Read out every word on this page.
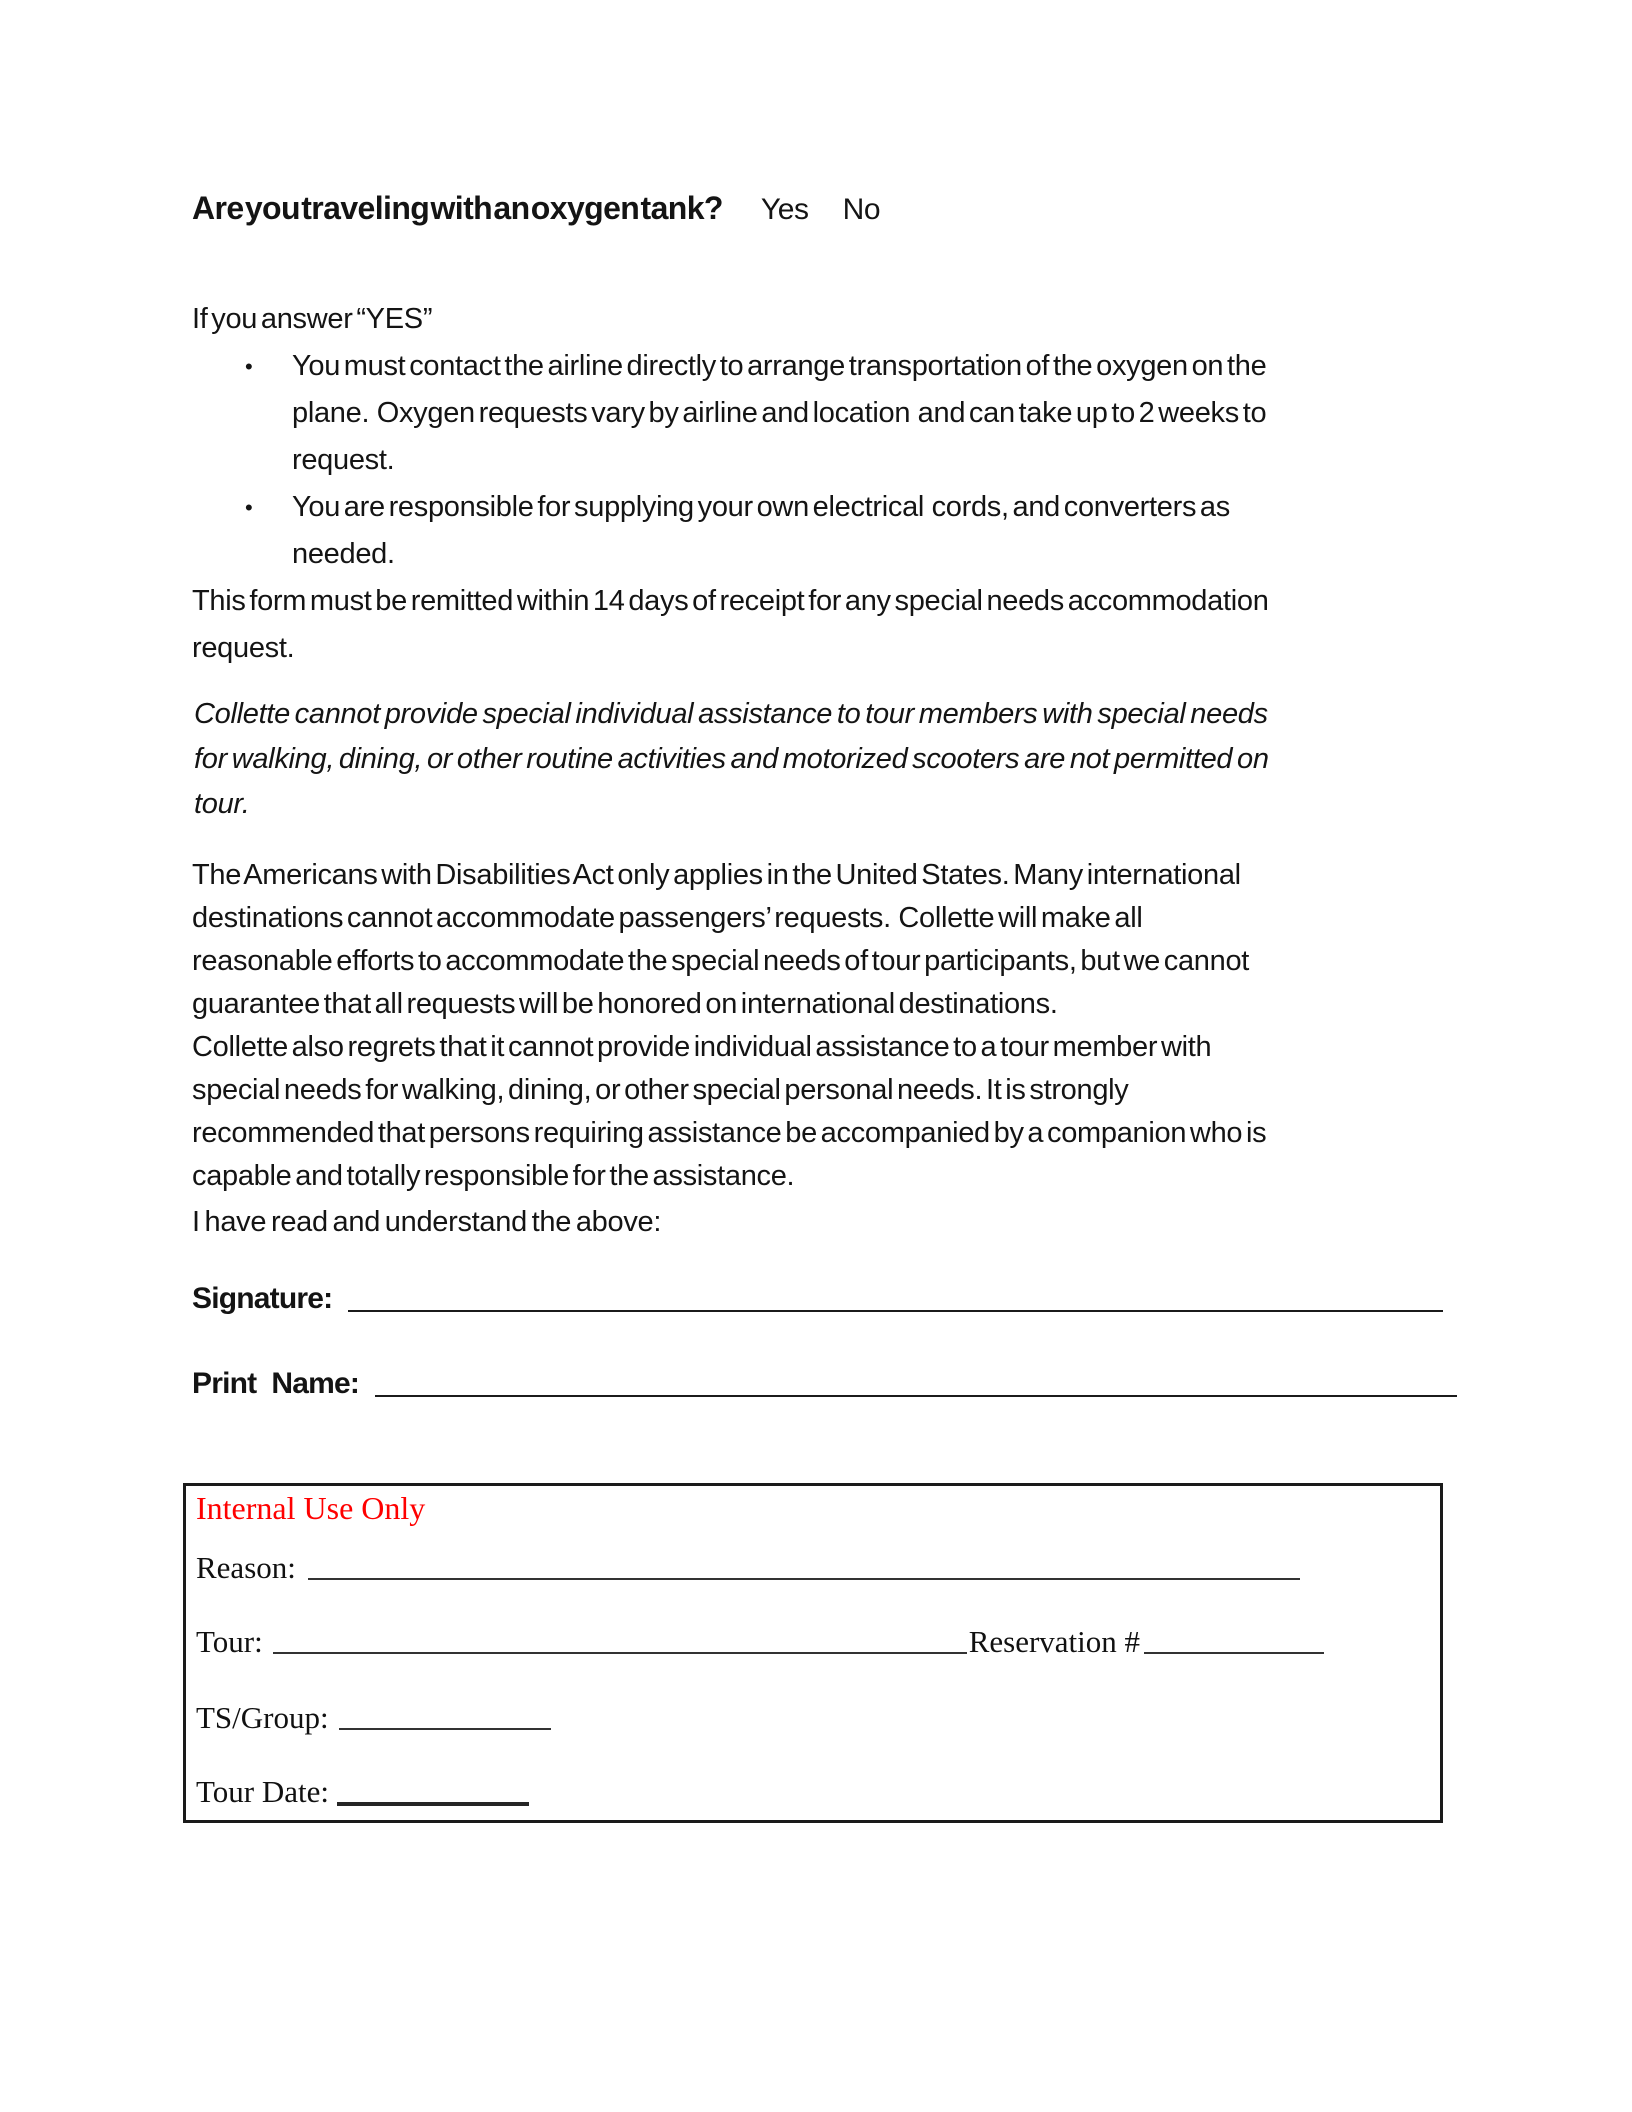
Are you traveling with an oxygen tank? Yes No
If you answer “YES”
• You must contact the airline directly to arrange transportation of the oxygen on the
plane.  Oxygen requests vary by airline and location  and can take up to 2 weeks to
request.
• You are responsible for supplying your own electrical  cords, and converters as
needed.
This form must be remitted within 14 days of receipt for any special needs accommodation
request.
Collette cannot provide special individual assistance to tour members with special needs
for walking, dining, or other routine activities and motorized scooters are not permitted on
tour.
The Americans with Disabilities Act only applies in the United States. Many international
destinations cannot accommodate passengers’ requests.  Collette will make all
reasonable efforts to accommodate the special needs of tour participants, but we cannot
guarantee that all requests will be honored on international destinations.
Collette also regrets that it cannot provide individual assistance to a tour member with
special needs for walking, dining, or other special personal needs. It is strongly
recommended that persons requiring assistance be accompanied by a companion who is
capable and totally responsible for the assistance.
I have read and understand the above:
Signature:
Print  Name:
Internal Use Only
Reason:
Tour:	Reservation #
TS/Group:
Tour Date:
